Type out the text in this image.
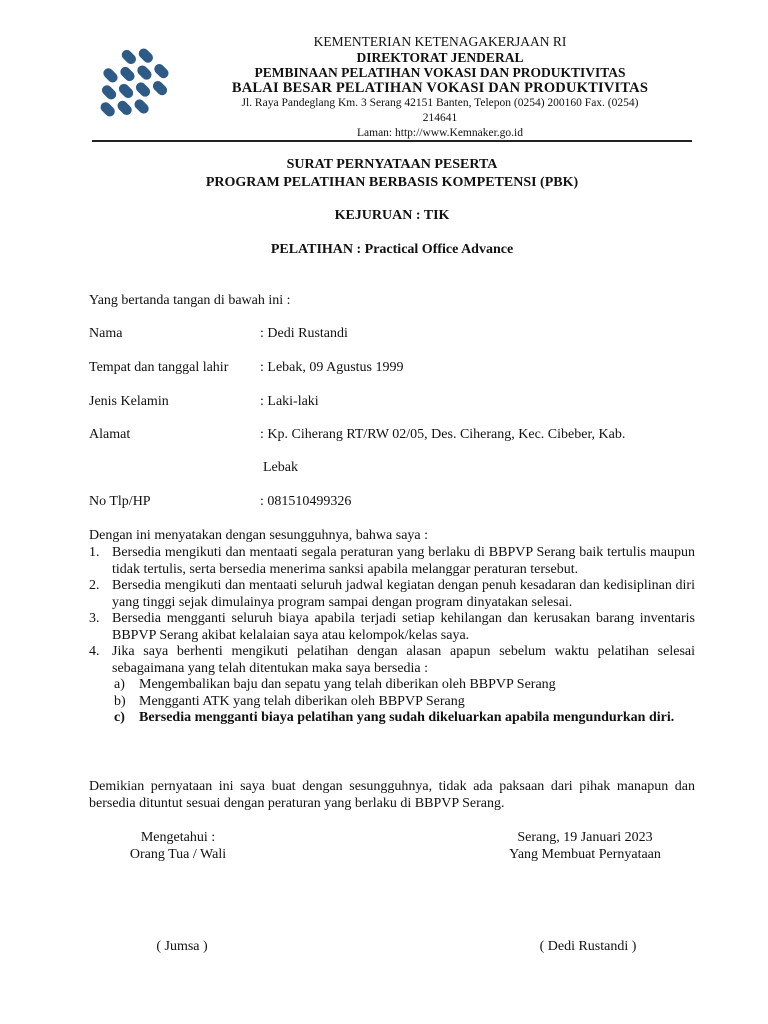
KEMENTERIAN KETENAGAKERJAAN RI
DIREKTORAT JENDERAL
PEMBINAAN PELATIHAN VOKASI DAN PRODUKTIVITAS
BALAI BESAR PELATIHAN VOKASI DAN PRODUKTIVITAS
Jl. Raya Pandeglang Km. 3 Serang 42151 Banten, Telepon (0254) 200160 Fax. (0254)
214641
Laman: http://www.Kemnaker.go.id
SURAT PERNYATAAN PESERTA
PROGRAM PELATIHAN BERBASIS KOMPETENSI (PBK)
KEJURUAN : TIK
PELATIHAN : Practical Office Advance
Yang bertanda tangan di bawah ini :
Nama	: Dedi Rustandi
Tempat dan tanggal lahir : Lebak, 09 Agustus 1999
Jenis Kelamin	: Laki-laki
Alamat	: Kp. Ciherang RT/RW 02/05, Des. Ciherang, Kec. Cibeber, Kab.
Lebak
No Tlp/HP	: 081510499326
Dengan ini menyatakan dengan sesungguhnya, bahwa saya :
1. Bersedia mengikuti dan mentaati segala peraturan yang berlaku di BBPVP Serang baik tertulis maupun tidak tertulis, serta bersedia menerima sanksi apabila melanggar peraturan tersebut.
2. Bersedia mengikuti dan mentaati seluruh jadwal kegiatan dengan penuh kesadaran dan kedisiplinan diri yang tinggi sejak dimulainya program sampai dengan program dinyatakan selesai.
3. Bersedia mengganti seluruh biaya apabila terjadi setiap kehilangan dan kerusakan barang inventaris BBPVP Serang akibat kelalaian saya atau kelompok/kelas saya.
4. Jika saya berhenti mengikuti pelatihan dengan alasan apapun sebelum waktu pelatihan selesai sebagaimana yang telah ditentukan maka saya bersedia :
a) Mengembalikan baju dan sepatu yang telah diberikan oleh BBPVP Serang
b) Mengganti ATK yang telah diberikan oleh BBPVP Serang
c) Bersedia mengganti biaya pelatihan yang sudah dikeluarkan apabila mengundurkan diri.
Demikian pernyataan ini saya buat dengan sesungguhnya, tidak ada paksaan dari pihak manapun dan bersedia dituntut sesuai dengan peraturan yang berlaku di BBPVP Serang.
Mengetahui :
Orang Tua / Wali
Serang, 19 Januari 2023
Yang Membuat Pernyataan
( Jumsa )	( Dedi Rustandi )
